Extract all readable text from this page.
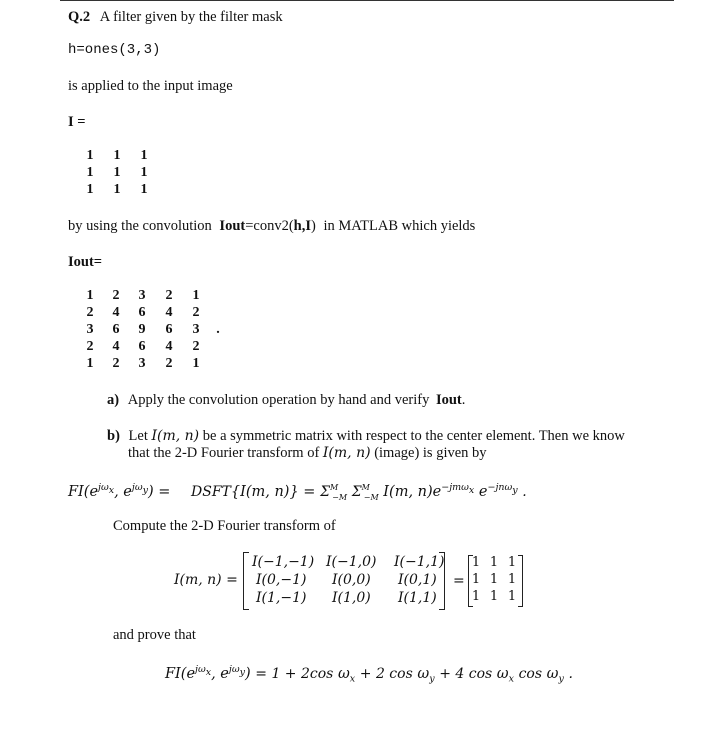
Q.2 A filter given by the filter mask
h=ones(3,3)
is applied to the input image
I =
1 1 1
1 1 1
1 1 1
by using the convolution Iout=conv2(h,I) in MATLAB which yields
Iout=
1 2 3 2 1
2 4 6 4 2
3 6 9 6 3	.
2 4 6 4 2
1 2 3 2 1
a) Apply the convolution operation by hand and verify Iout.
b) Let I(m, n) be a symmetric matrix with respect to the center element. Then we know
that the 2-D Fourier transform of I(m, n) (image) is given by
$FI(e^{j\omega_x}$, $e^{j\omega_y}$) = DSFT{I(m, $n)\} = \Sigma^M_{-M}$ $\Sigma^M_{-M}$ I(m, $n)e^{-jm\omega_x}$ $e^{-jn\omega_y}$ .
Compute the 2-D Fourier transform of
I(m, n) =
I(−1,−1) I(−1,0) I(−1,1)
I(0,−1) I(0,0) I(0,1)
I(1,−1) I(1,0) I(1,1)
=
1 1 1
1 1 1
1 1 1
and prove that
$FI(e^{j\omega_x}$, $e^{j\omega_y}) = 1 + 2\cos$ $\omega_x + 2$ $\cos \omega_y + 4$ $\cos \omega_x$ $\cos \omega_y$ .
